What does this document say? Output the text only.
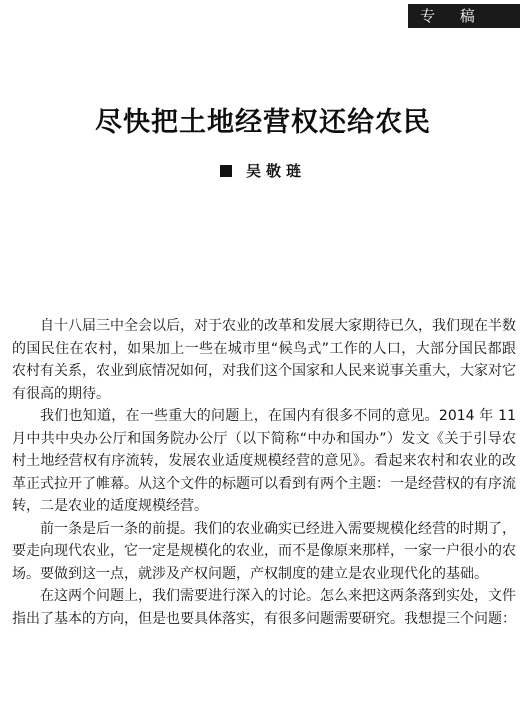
专 稿
尽快把土地经营权还给农民
吴敬琏

自十八届三中全会以后，对于农业的改革和发展大家期待已久，我们现在半数的国民住在农村，如果加上一些在城市里“候鸟式”工作的人口，大部分国民都跟农村有关系，农业到底情况如何，对我们这个国家和人民来说事关重大，大家对它有很高的期待。

我们也知道，在一些重大的问题上，在国内有很多不同的意见。2014 年 11 月中共中央办公厅和国务院办公厅（以下简称“中办和国办”）发文《关于引导农村土地经营权有序流转，发展农业适度规模经营的意见》。看起来农村和农业的改革正式拉开了帷幕。从这个文件的标题可以看到有两个主题：一是经营权的有序流转，二是农业的适度规模经营。

前一条是后一条的前提。我们的农业确实已经进入需要规模化经营的时期了，要走向现代农业，它一定是规模化的农业，而不是像原来那样，一家一户很小的农场。要做到这一点，就涉及产权问题，产权制度的建立是农业现代化的基础。

在这两个问题上，我们需要进行深入的讨论。怎么来把这两条落到实处，文件指出了基本的方向，但是也要具体落实，有很多问题需要研究。我想提三个问题：
